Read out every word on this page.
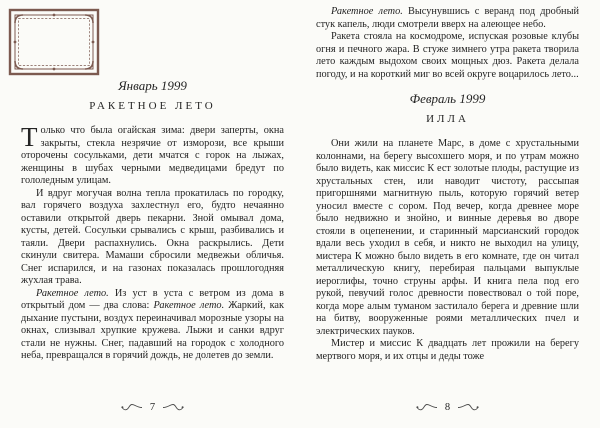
Январь 1999
РАКЕТНОЕ ЛЕТО

Только что была огайская зима: двери заперты, окна закрыты, стекла незрячие от изморози, все крыши оторочены сосульками, дети мчатся с горок на лыжах, женщины в шубах черными медведицами бредут по гололедным улицам.

И вдруг могучая волна тепла прокатилась по городку, вал горячего воздуха захлестнул его, будто нечаянно оставили открытой дверь пекарни. Зной омывал дома, кусты, детей. Сосульки срывались с крыш, разбивались и таяли. Двери распахнулись. Окна раскрылись. Дети скинули свитера. Мамаши сбросили медвежьи обличья. Снег испарился, и на газонах показалась прошлогодняя жухлая трава.

Ракетное лето. Из уст в уста с ветром из дома в открытый дом — два слова: Ракетное лето. Жаркий, как дыхание пустыни, воздух переиначивал морозные узоры на окнах, слизывал хрупкие кружева. Лыжи и санки вдруг стали не нужны. Снег, падавший на городок с холодного неба, превращался в горячий дождь, не долетев до земли.

7

Ракетное лето. Высунувшись с веранд под дробный стук капель, люди смотрели вверх на алеющее небо.

Ракета стояла на космодроме, испуская розовые клубы огня и печного жара. В стуже зимнего утра ракета творила лето каждым выдохом своих мощных дюз. Ракета делала погоду, и на короткий миг во всей округе воцарилось лето...

Февраль 1999
ИЛЛА

Они жили на планете Марс, в доме с хрустальными колоннами, на берегу высохшего моря, и по утрам можно было видеть, как миссис К ест золотые плоды, растущие из хрустальных стен, или наводит чистоту, рассыпая пригоршнями магнитную пыль, которую горячий ветер уносил вместе с сором. Под вечер, когда древнее море было недвижно и знойно, и винные деревья во дворе стояли в оцепенении, и старинный марсианский городок вдали весь уходил в себя, и никто не выходил на улицу, мистера К можно было видеть в его комнате, где он читал металлическую книгу, перебирая пальцами выпуклые иероглифы, точно струны арфы. И книга пела под его рукой, певучий голос древности повествовал о той поре, когда море алым туманом застилало берега и древние шли на битву, вооруженные роями металлических пчел и электрических пауков.

Мистер и миссис К двадцать лет прожили на берегу мертвого моря, и их отцы и деды тоже

8
